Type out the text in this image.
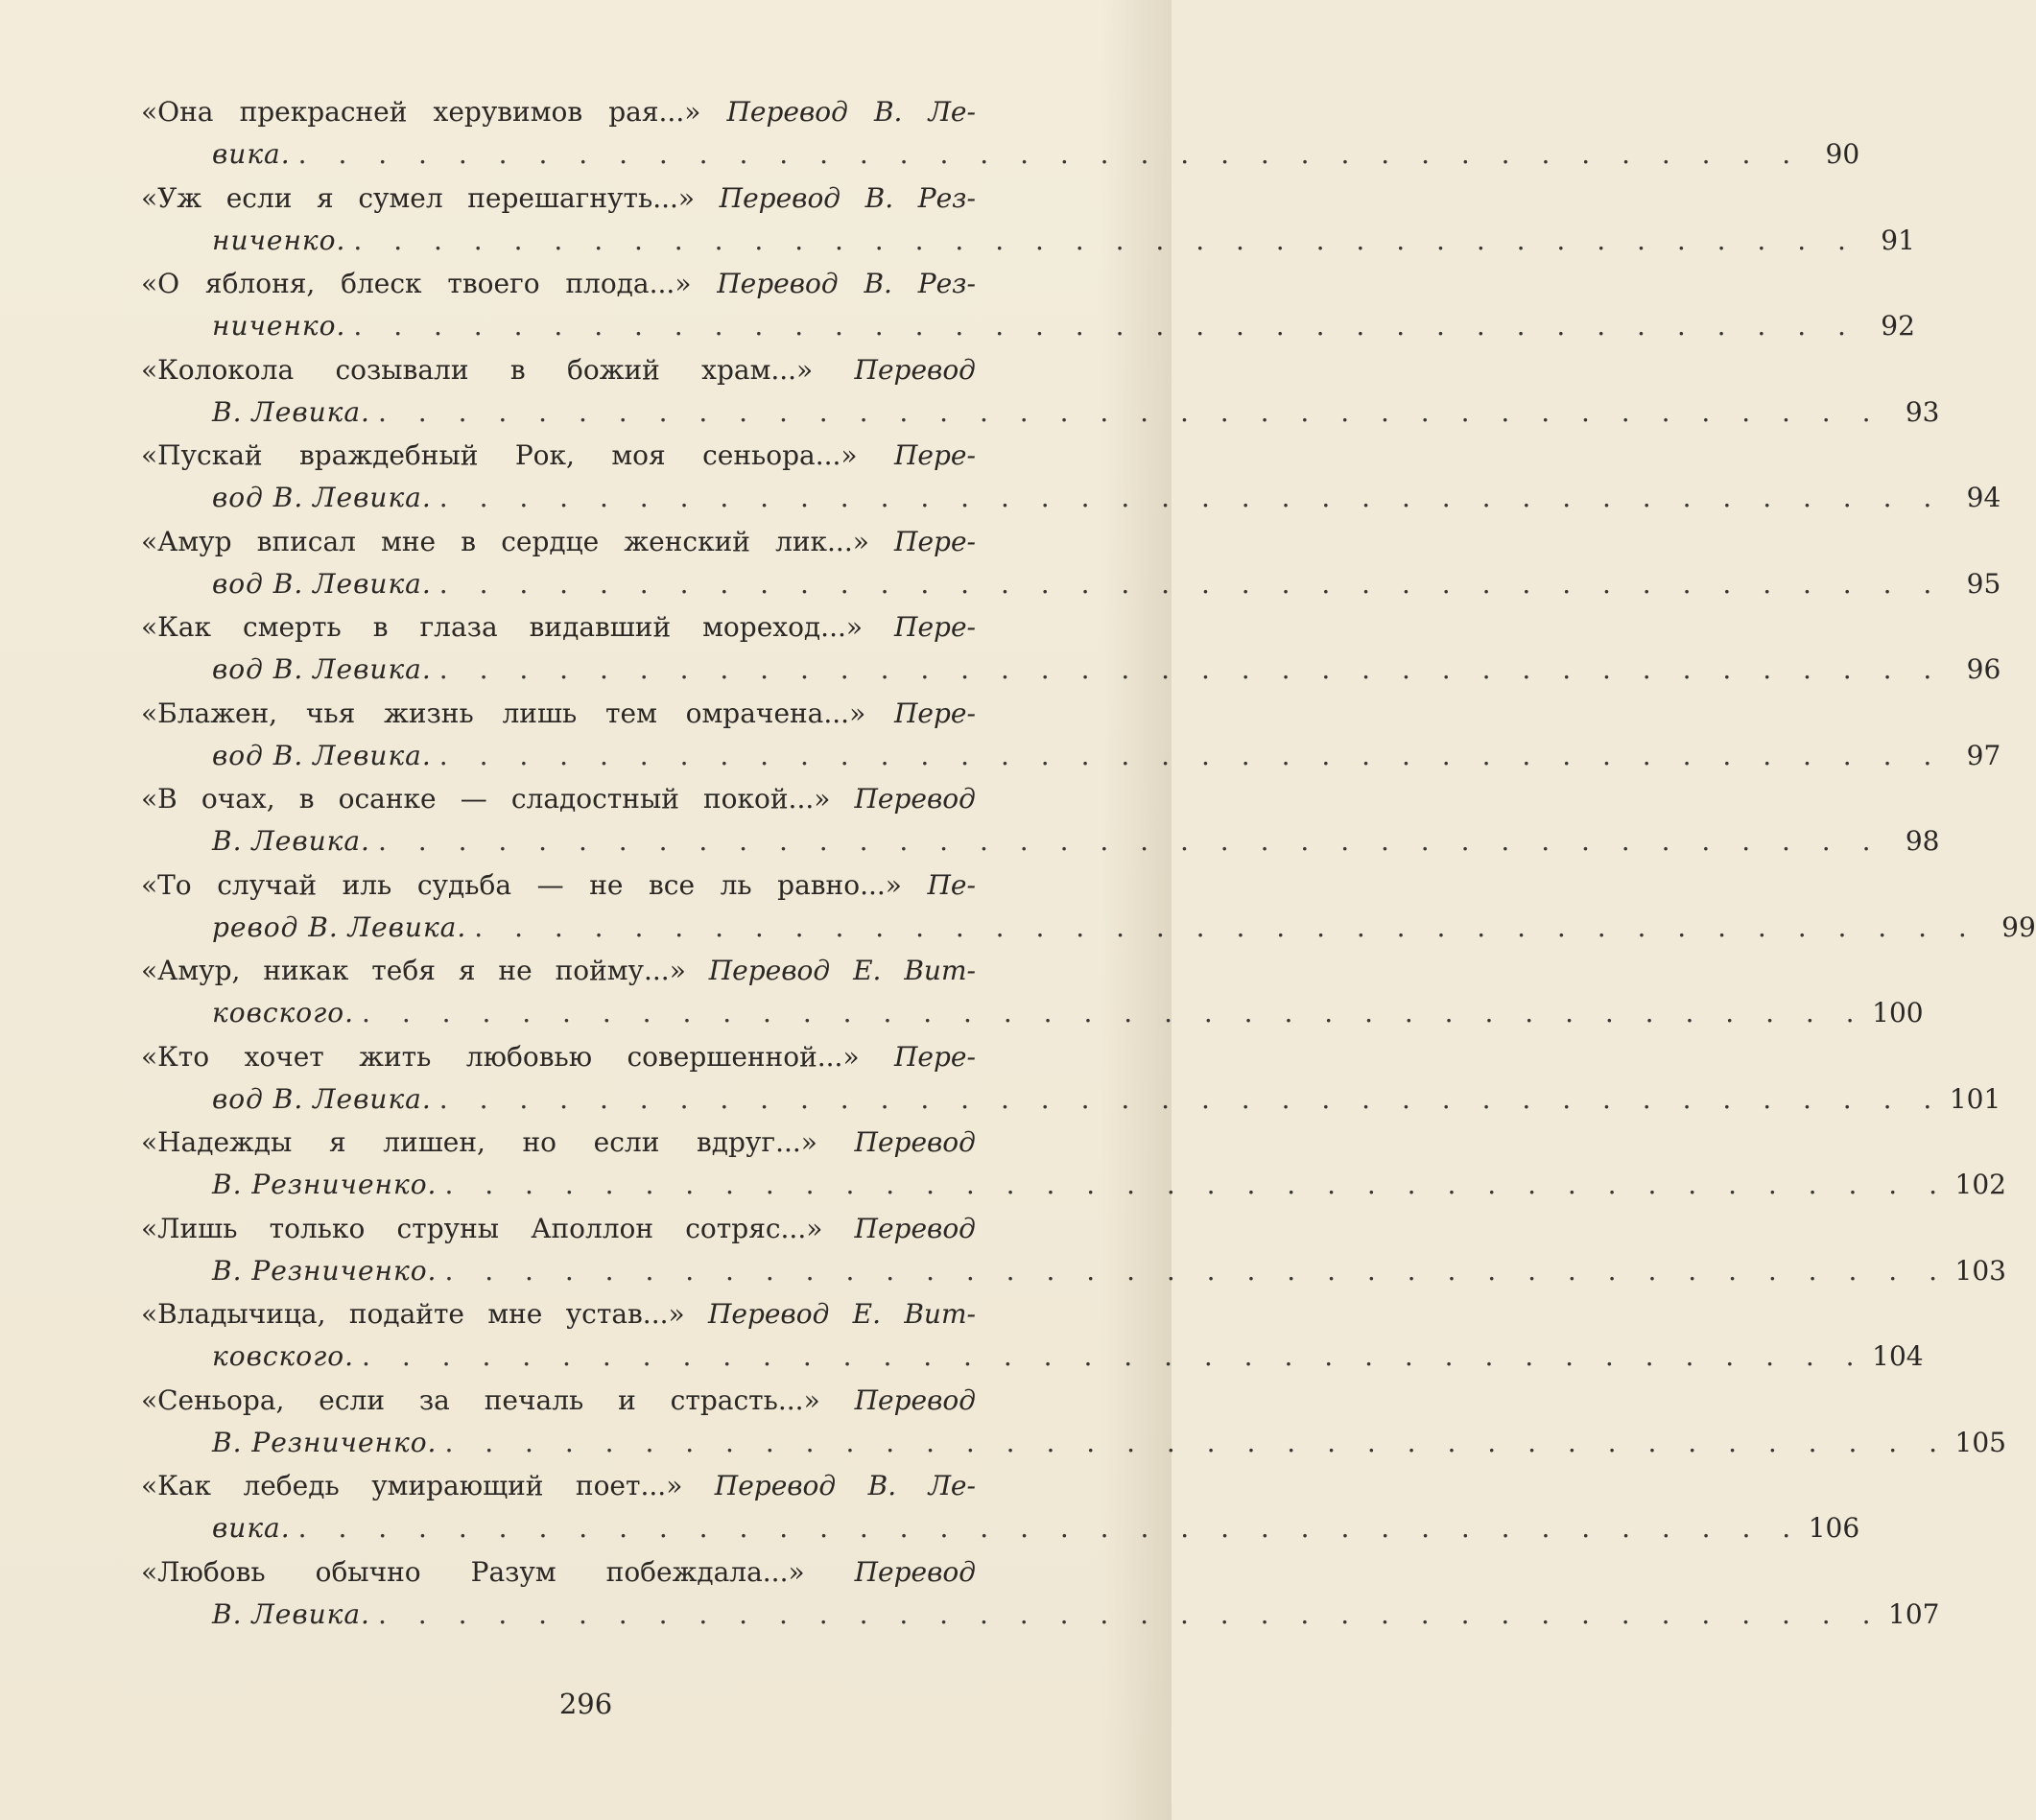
«Она прекрасней херувимов рая...» Перевод В. Ле-
вика. . . . . . . . . . . . . . . . . . . . . . . . . . . . . . . . . . . . . . . 90
«Уж если я сумел перешагнуть...» Перевод В. Рез-
ниченко. . . . . . . . . . . . . . . . . . . . . . . . . . . . . . . . . . . . . . . 91
«О яблоня, блеск твоего плода...» Перевод В. Рез-
ниченко. . . . . . . . . . . . . . . . . . . . . . . . . . . . . . . . . . . . . . . 92
«Колокола созывали в божий храм...» Перевод
В. Левика. . . . . . . . . . . . . . . . . . . . . . . . . . . . . . . . . . . . . . . 93
«Пускай враждебный Рок, моя сеньора...» Пере-
вод В. Левика. . . . . . . . . . . . . . . . . . . . . . . . . . . . . . . . . . . . . . . 94
«Амур вписал мне в сердце женский лик...» Пере-
вод В. Левика. . . . . . . . . . . . . . . . . . . . . . . . . . . . . . . . . . . . . . . 95
«Как смерть в глаза видавший мореход...» Пере-
вод В. Левика. . . . . . . . . . . . . . . . . . . . . . . . . . . . . . . . . . . . . . . 96
«Блажен, чья жизнь лишь тем омрачена...» Пере-
вод В. Левика. . . . . . . . . . . . . . . . . . . . . . . . . . . . . . . . . . . . . . . 97
«В очах, в осанке — сладостный покой...» Перевод
В. Левика. . . . . . . . . . . . . . . . . . . . . . . . . . . . . . . . . . . . . . . 98
«То случай иль судьба — не все ль равно...» Пе-
ревод В. Левика. . . . . . . . . . . . . . . . . . . . . . . . . . . . . . . . . . . . . . . 99
«Амур, никак тебя я не пойму...» Перевод Е. Вит-
ковского. . . . . . . . . . . . . . . . . . . . . . . . . . . . . . . . . . . . . . . 100
«Кто хочет жить любовью совершенной...» Пере-
вод В. Левика. . . . . . . . . . . . . . . . . . . . . . . . . . . . . . . . . . . . . . . 101
«Надежды я лишен, но если вдруг...» Перевод
В. Резниченко. . . . . . . . . . . . . . . . . . . . . . . . . . . . . . . . . . . . . . . 102
«Лишь только струны Аполлон сотряс...» Перевод
В. Резниченко. . . . . . . . . . . . . . . . . . . . . . . . . . . . . . . . . . . . . . . 103
«Владычица, подайте мне устав...» Перевод Е. Вит-
ковского. . . . . . . . . . . . . . . . . . . . . . . . . . . . . . . . . . . . . . . 104
«Сеньора, если за печаль и страсть...» Перевод
В. Резниченко. . . . . . . . . . . . . . . . . . . . . . . . . . . . . . . . . . . . . . . 105
«Как лебедь умирающий поет...» Перевод В. Ле-
вика. . . . . . . . . . . . . . . . . . . . . . . . . . . . . . . . . . . . . . . 106
«Любовь обычно Разум побеждала...» Перевод
В. Левика. . . . . . . . . . . . . . . . . . . . . . . . . . . . . . . . . . . . . . . 107
296
